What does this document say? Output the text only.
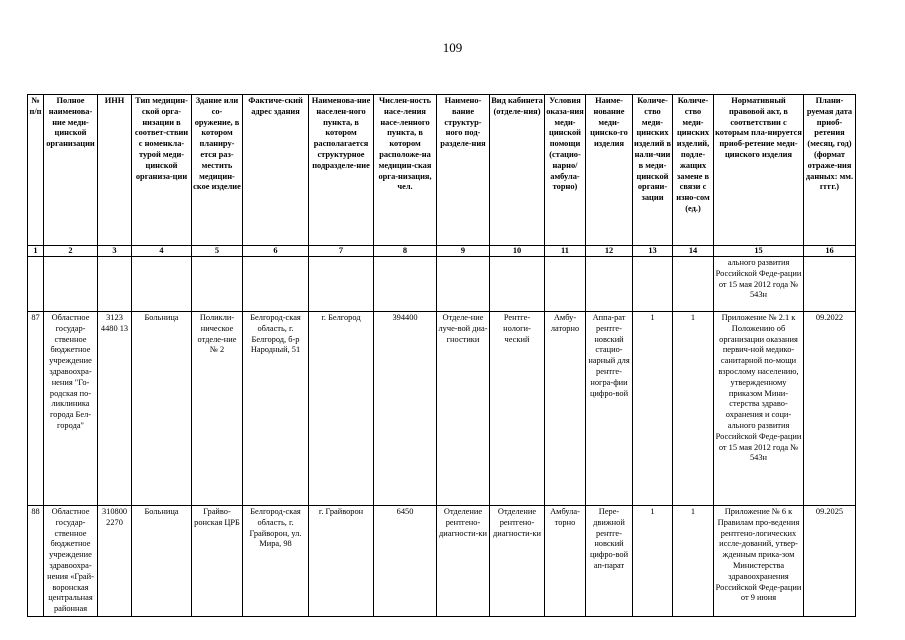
109
№ п/п	Полное наименова-ние меди-цинской организации	ИНН	Тип медицин-ской орга-низации в соответ-ствии с номенкла-турой меди-цинской организа-ции	Здание или со-оружение, в котором планиру-ется раз-местить медицин-ское изделие	Фактиче-ский адрес здания	Наименова-ние населен-ного пункта, в котором располагается структурное подразделе-ние	Числен-ность насе-ления насе-ленного пункта, в котором расположе-на медицин-ская орга-низация, чел.	Наимено-вание структур-ного под-разделе-ния	Вид кабинета (отделе-ния)	Условия оказа-ния меди-цинской помощи (стацио-нарно/ амбула-торно)	Наиме-нование меди-цинско-го изделия	Количе-ство меди-цинских изделий в нали-чии в меди-цинской органи-зации	Количе-ство меди-цинских изделий, подле-жащих замене в связи с изно-сом (ед.)	Нормативный правовой акт, в соответствии с которым пла-нируется приоб-ретение меди-цинского изделия	Плани-руемая дата приоб-ретения (месяц, год) (формат отраже-ния данных: мм. гггг.)
1	2	3	4	5	6	7	8	9	10	11	12	13	14	15	16
														ального развития Российской Феде-рации от 15 мая 2012 года № 543н	
87	Областное государ-ственное бюджетное учреждение здравоохра-нения "Го-родская по-ликлиника города Бел-города"	3123 4480 13	Больница	Поликли-ническое отделе-ние № 2	Белгород-ская область, г. Белгород, б-р Народный, 51	г. Белгород	394400	Отделе-ние луче-вой диа-гностики	Рентге-нологи-ческий	Амбу-латорно	Аппа-рат рентге-новский стацио-нарный для рентге-ногра-фии цифро-вой	1	1	Приложение № 2.1 к Положению об организации оказания первич-ной медико-санитарной по-мощи взрослому населению, утвержденному приказом Мини-стерства здраво-охранения и соци-ального развития Российской Феде-рации от 15 мая 2012 года № 543н	09.2022
88	Областное государ-ственное бюджетное учреждение здравоохра-нения «Грай-воронская центральная районная	310800 2270	Больница	Грайво-ронская ЦРБ	Белгород-ская область, г. Грайворон, ул. Мира, 98	г. Грайворон	6450	Отделение рентгено-диагности-ки	Отделение рентгено-диагности-ки	Амбула-торно	Пере-движной рентге-новский цифро-вой ап-парат	1	1	Приложение № 6 к Правилам про-ведения рентгено-логических иссле-дований, утвер-жденным прика-зом Министерства здравоохранения Российской Феде-рации от 9 июня	09.2025
